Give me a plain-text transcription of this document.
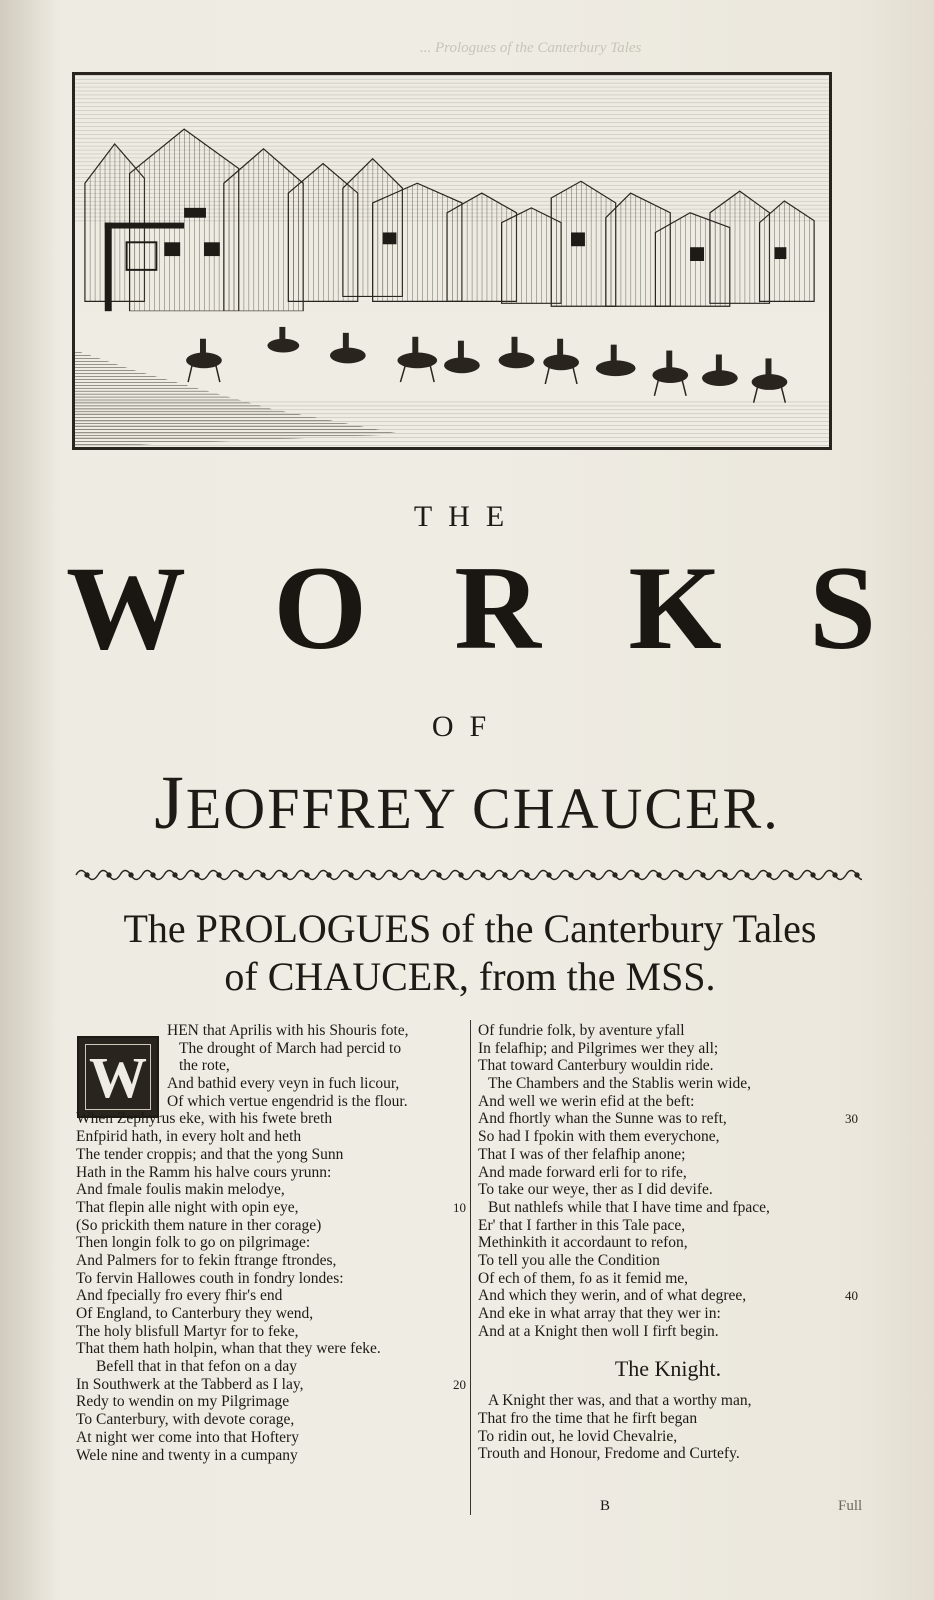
... Prologues of the Canterbury Tales
THE
W O R K S
OF
JEOFFREY CHAUCER.
The PROLOGUES of the Canterbury Tales
of CHAUCER, from the MSS.
W
HEN that Aprilis with his Shouris fote,
The drought of March had percid to
the rote,
And bathid every veyn in fuch licour,
Of which vertue engendrid is the flour.
When Zephyrus eke, with his fwete breth
Enfpirid hath, in every holt and heth
The tender croppis; and that the yong Sunn
Hath in the Ramm his halve cours yrunn:
And fmale foulis makin melodye,
That flepin alle night with opin eye,	10
(So prickith them nature in ther corage)
Then longin folk to go on pilgrimage:
And Palmers for to fekin ftrange ftrondes,
To fervin Hallowes couth in fondry londes:
And fpecially fro every fhir's end
Of England, to Canterbury they wend,
The holy blisfull Martyr for to feke,
That them hath holpin, whan that they were feke.
Befell that in that fefon on a day
In Southwerk at the Tabberd as I lay,	20
Redy to wendin on my Pilgrimage
To Canterbury, with devote corage,
At night wer come into that Hoftery
Wele nine and twenty in a cumpany
Of fundrie folk, by aventure yfall
In felafhip; and Pilgrimes wer they all;
That toward Canterbury wouldin ride.
The Chambers and the Stablis werin wide,
And well we werin efid at the beft:
And fhortly whan the Sunne was to reft,	30
So had I fpokin with them everychone,
That I was of ther felafhip anone;
And made forward erli for to rife,
To take our weye, ther as I did devife.
But nathlefs while that I have time and fpace,
Er' that I farther in this Tale pace,
Methinkith it accordaunt to refon,
To tell you alle the Condition
Of ech of them, fo as it femid me,
And which they werin, and of what degree,	40
And eke in what array that they wer in:
And at a Knight then woll I firft begin.
The Knight.
A Knight ther was, and that a worthy man,
That fro the time that he firft began
To ridin out, he lovid Chevalrie,
Trouth and Honour, Fredome and Curtefy.
B	Full
